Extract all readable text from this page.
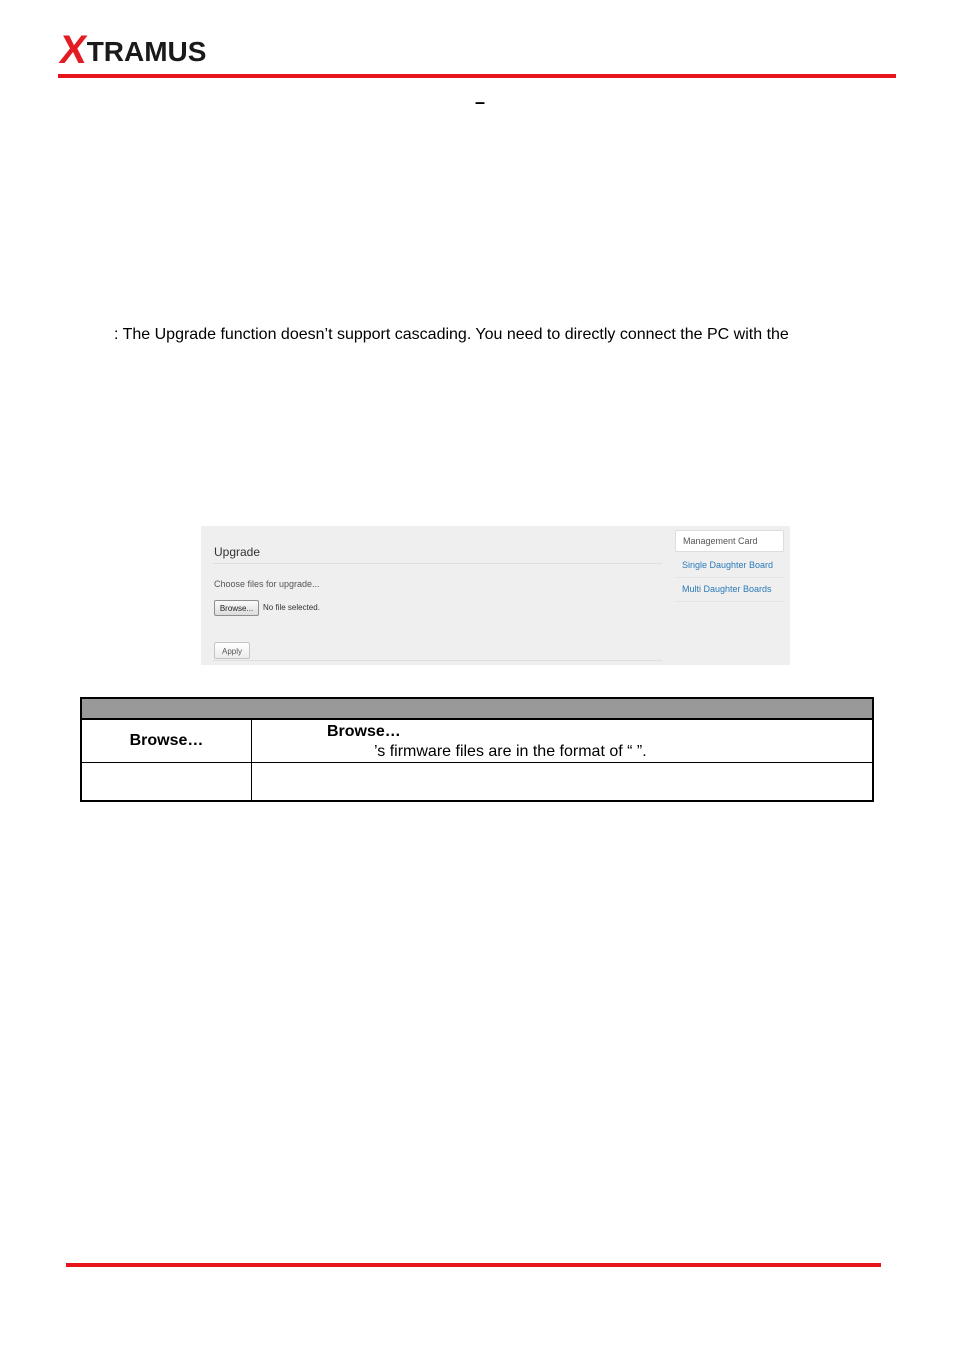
XTRAMUS
–
: The Upgrade function doesn’t support cascading. You need to directly connect the PC with the
Upgrade
Choose files for upgrade...
Browse...	No file selected.
Apply
Management Card
Single Daughter Board
Multi Daughter Boards
Browse…
Browse…
’s firmware files are in the format of “ ”.
